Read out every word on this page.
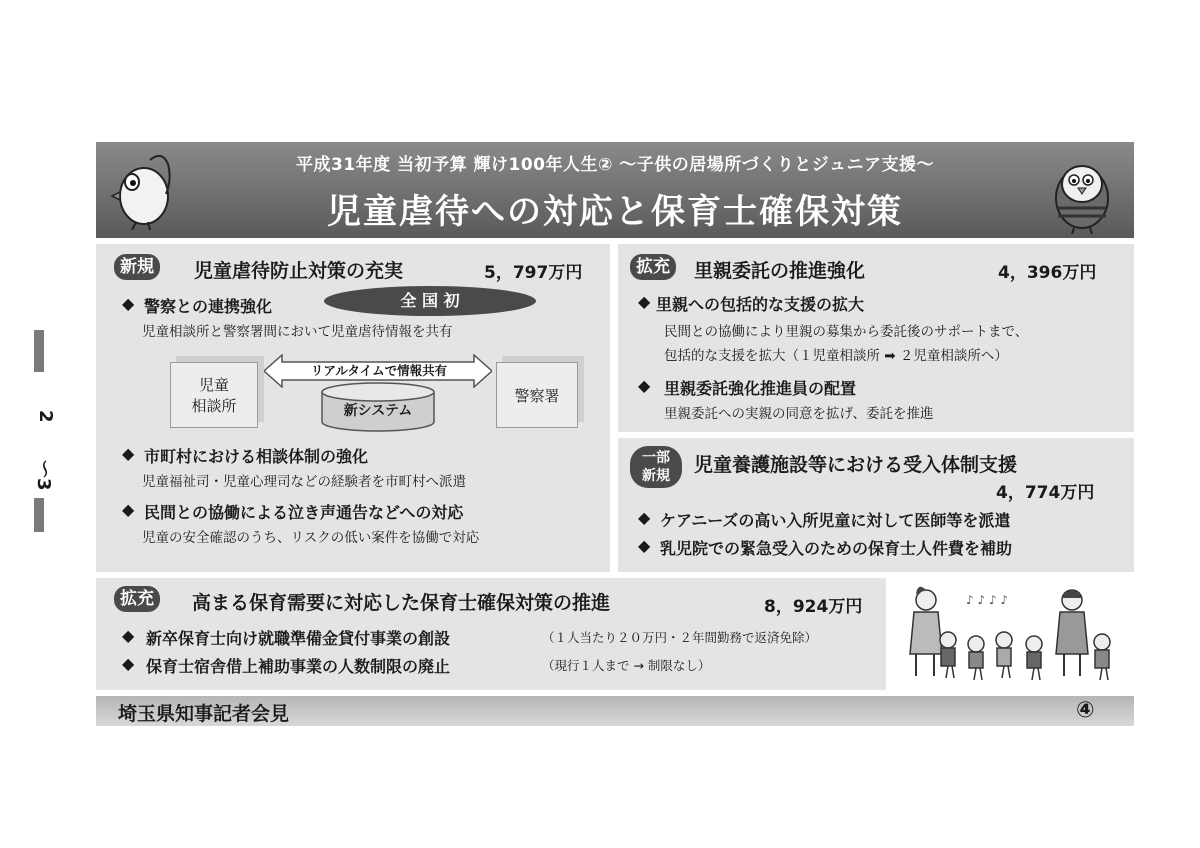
2
～3
平成31年度 当初予算 輝け100年人生② ～子供の居場所づくりとジュニア支援～
児童虐待への対応と保育士確保対策
新規	児童虐待防止対策の充実	5，797万円
◆ 警察との連携強化	全 国 初
児童相談所と警察署間において児童虐待情報を共有
児童
相談所
警察署
リアルタイムで情報共有
新システム
◆ 市町村における相談体制の強化
児童福祉司・児童心理司などの経験者を市町村へ派遣
◆ 民間との協働による泣き声通告などへの対応
児童の安全確認のうち、リスクの低い案件を協働で対応
拡充	里親委託の推進強化	4，396万円
◆ 里親への包括的な支援の拡大
民間との協働により里親の募集から委託後のサポートまで、
包括的な支援を拡大（１児童相談所 ➡ ２児童相談所へ）
◆ 里親委託強化推進員の配置
里親委託への実親の同意を拡げ、委託を推進
一部
新規	児童養護施設等における受入体制支援
4，774万円
◆ ケアニーズの高い入所児童に対して医師等を派遣
◆ 乳児院での緊急受入のための保育士人件費を補助
拡充	高まる保育需要に対応した保育士確保対策の推進	8，924万円
◆ 新卒保育士向け就職準備金貸付事業の創設	（１人当たり２０万円・２年間勤務で返済免除）
◆ 保育士宿舎借上補助事業の人数制限の廃止	（現行１人まで → 制限なし）
♪ ♪ ♪ ♪
埼玉県知事記者会見	④
